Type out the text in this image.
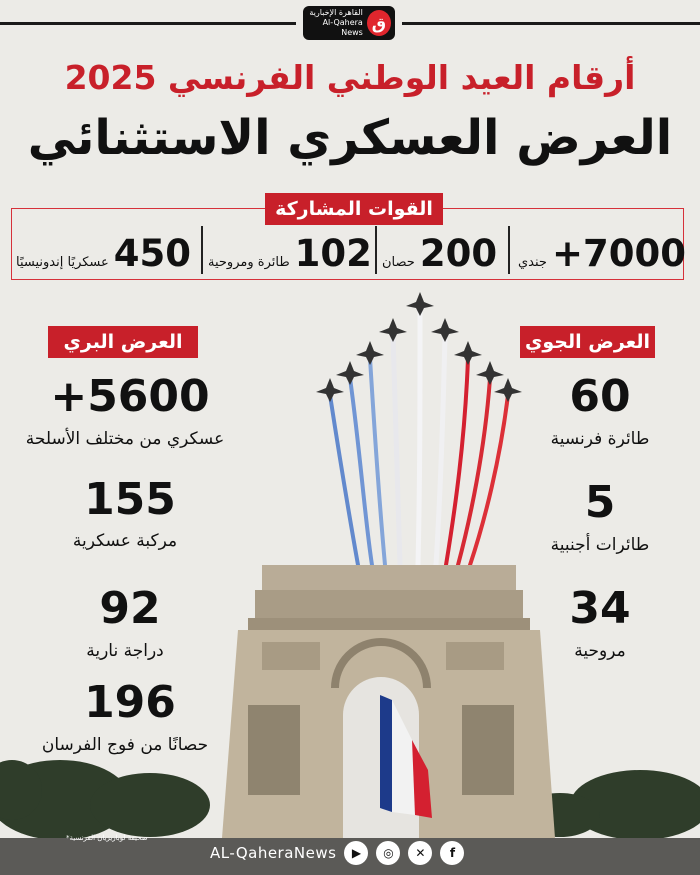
القاهرة الإخبارية
Al-Qahera News ق
أرقام العيد الوطني الفرنسي 2025
العرض العسكري الاستثنائي
القوات المشاركة
جندي +7000
حصان 200
طائرة ومروحية 102
عسكريًا إندونيسيًا 450
العرض الجوي
60
طائرة فرنسية
5
طائرات أجنبية
34
مروحية
العرض البري
+5600
عسكري من مختلف الأسلحة
155
مركبة عسكرية
92
دراجة نارية
196
حصانًا من فوج الفرسان
صحيفة لوباريزيان الفرنسية*
AL-QaheraNews	▶	◎	✕	f
